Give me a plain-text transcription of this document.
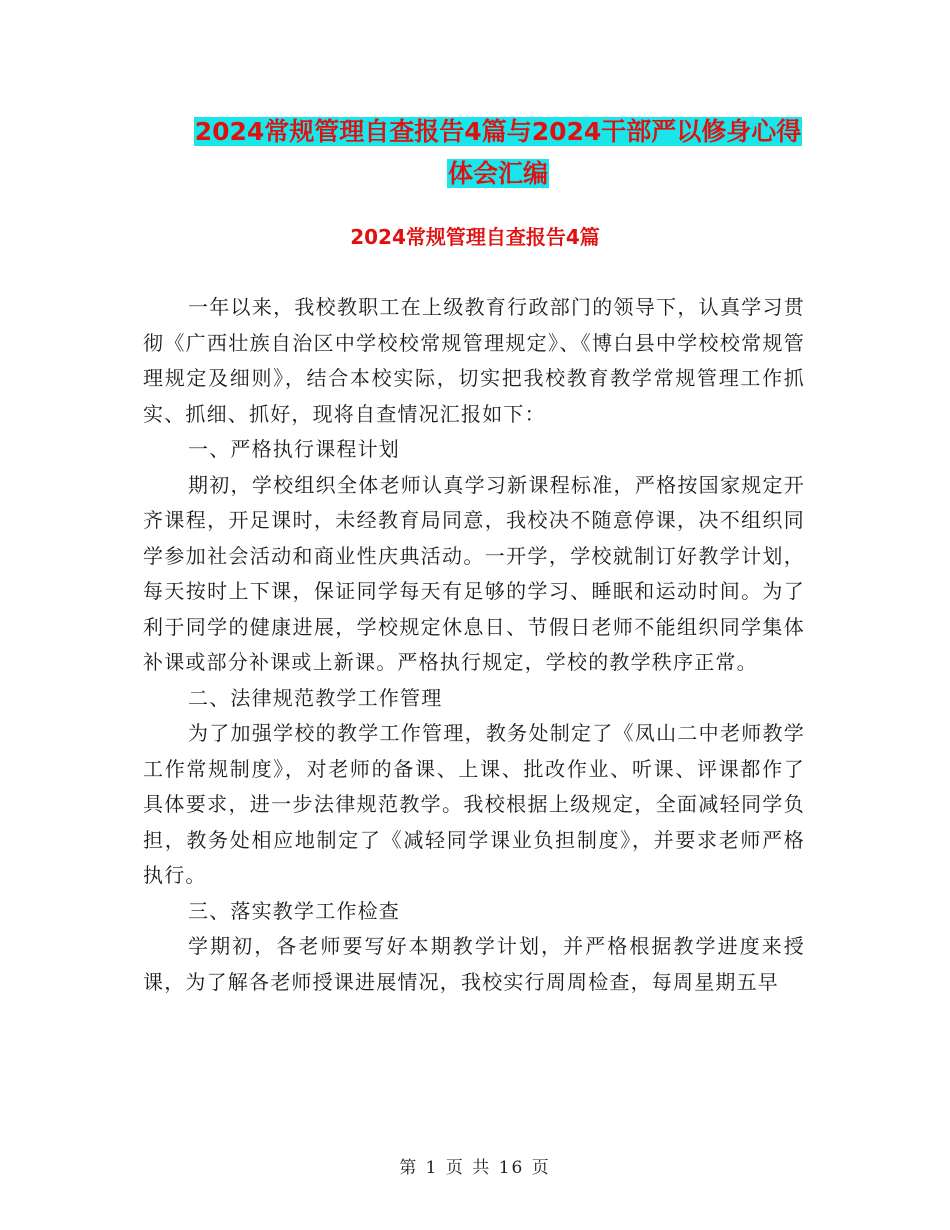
2024常规管理自查报告4篇与2024干部严以修身心得
体会汇编
2024常规管理自查报告4篇

一年以来，我校教职工在上级教育行政部门的领导下，认真学习贯彻《广西壮族自治区中学校校常规管理规定》、《博白县中学校校常规管理规定及细则》，结合本校实际，切实把我校教育教学常规管理工作抓实、抓细、抓好，现将自查情况汇报如下：

一、严格执行课程计划

期初，学校组织全体老师认真学习新课程标准，严格按国家规定开齐课程，开足课时，未经教育局同意，我校决不随意停课，决不组织同学参加社会活动和商业性庆典活动。一开学，学校就制订好教学计划，每天按时上下课，保证同学每天有足够的学习、睡眠和运动时间。为了利于同学的健康进展，学校规定休息日、节假日老师不能组织同学集体补课或部分补课或上新课。严格执行规定，学校的教学秩序正常。

二、法律规范教学工作管理

为了加强学校的教学工作管理，教务处制定了《凤山二中老师教学工作常规制度》，对老师的备课、上课、批改作业、听课、评课都作了具体要求，进一步法律规范教学。我校根据上级规定，全面减轻同学负担，教务处相应地制定了《减轻同学课业负担制度》，并要求老师严格执行。

三、落实教学工作检查

学期初，各老师要写好本期教学计划，并严格根据教学进度来授课，为了解各老师授课进展情况，我校实行周周检查，每周星期五早

第 1 页 共 16 页
